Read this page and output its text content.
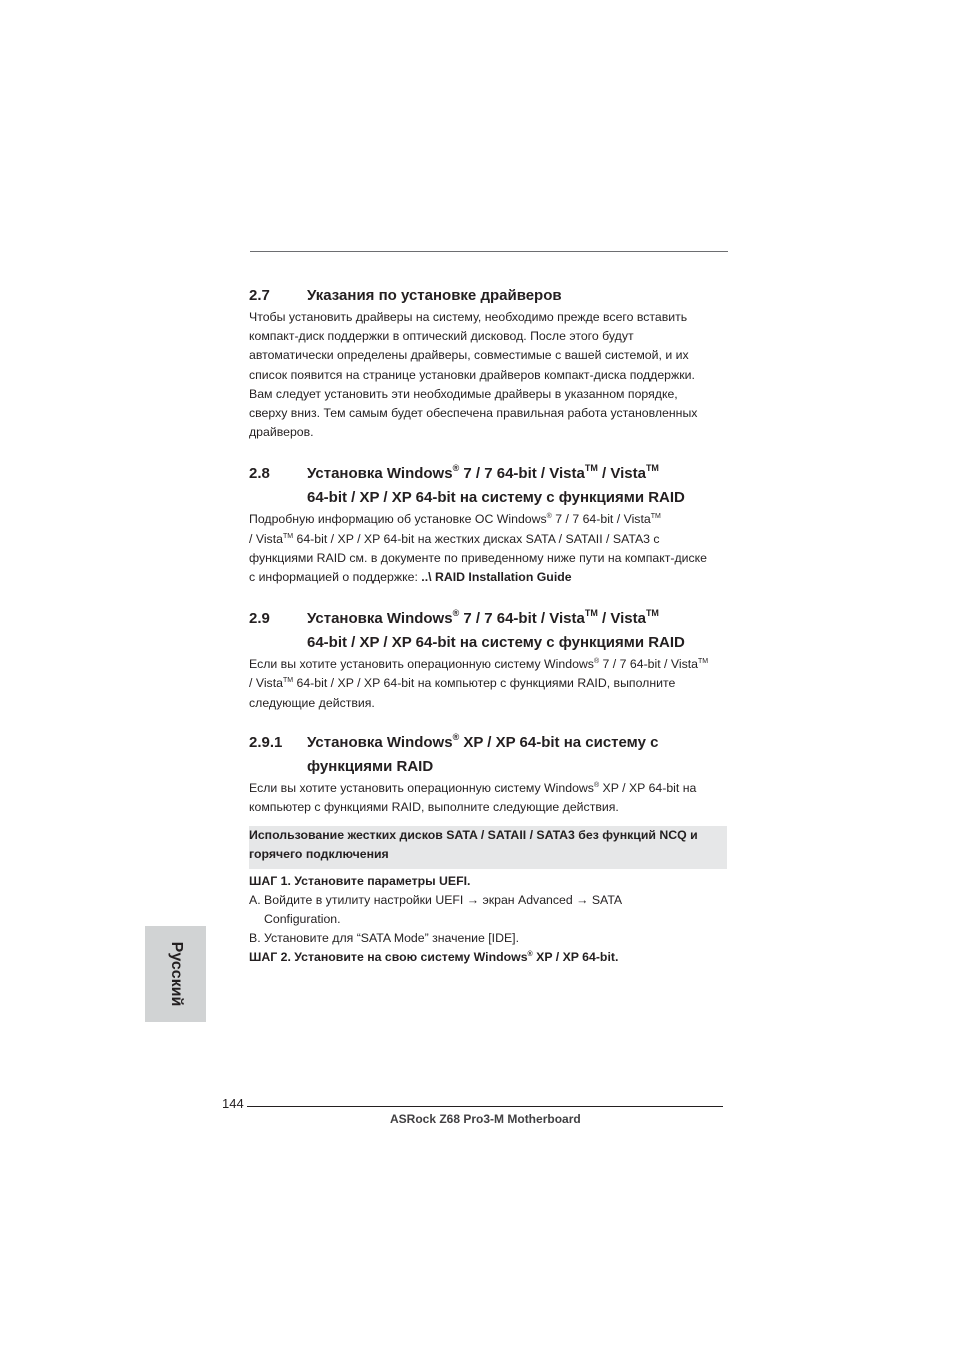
2.7 Указания по установке драйверов

Чтобы установить драйверы на систему, необходимо прежде всего вставить

компакт-диск поддержки в оптический дисковод. После этого будут

автоматически определены драйверы, совместимые с вашей системой, и их

список появится на странице установки драйверов компакт-диска поддержки.

Вам следует установить эти необходимые драйверы в указанном порядке,

сверху вниз. Тем самым будет обеспечена правильная работа установленных

драйверов.

2.8 Установка Windows® 7 / 7 64-bit / Vista™ / Vista™
64-bit / XP / XP 64-bit на систему с функциями RAID

Подробную информацию об установке ОС Windows® 7 / 7 64-bit / Vista™

/ Vista™ 64-bit / XP / XP 64-bit на жестких дисках SATA / SATAII / SATA3 с

функциями RAID см. в документе по приведенному ниже пути на компакт-диске

с информацией о поддержке: ..\ RAID Installation Guide

2.9 Установка Windows® 7 / 7 64-bit / Vista™ / Vista™
64-bit / XP / XP 64-bit на систему с функциями RAID

Если вы хотите установить операционную систему Windows® 7 / 7 64-bit / Vista™

/ Vista™ 64-bit / XP / XP 64-bit на компьютер с функциями RAID, выполните

следующие действия.

2.9.1 Установка Windows® XP / XP 64-bit на систему с
функциями RAID

Если вы хотите установить операционную систему Windows® XP / XP 64-bit на

компьютер с функциями RAID, выполните следующие действия.

Использование жестких дисков SATA / SATAII / SATA3 без функций NCQ и

горячего подключения

ШАГ 1. Установите параметры UEFI.

A. Войдите в утилиту настройки UEFI → экран Advanced → SATA

Configuration.

B. Установите для “SATA Mode” значение [IDE].

ШАГ 2. Установите на свою систему Windows® XP / XP 64-bit.

Русский
144
ASRock Z68 Pro3-M Motherboard
